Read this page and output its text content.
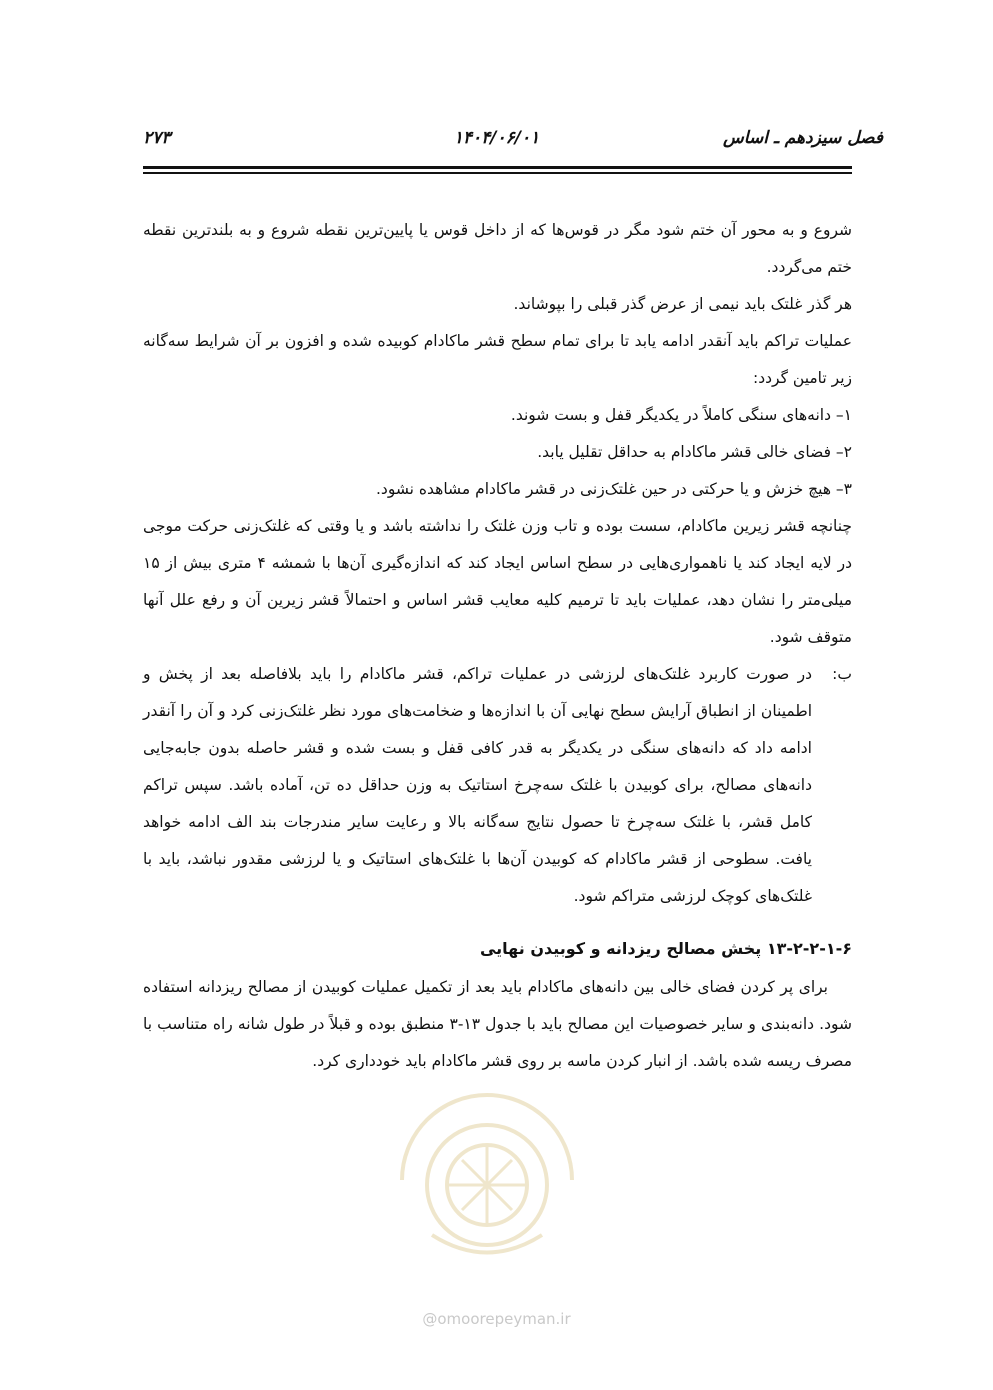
فصل سیزدهم ـ اساس
۱۴۰۴/۰۶/۰۱
۲۷۳

شروع و به محور آن ختم شود مگر در قوس‌ها که از داخل قوس یا پایین‌ترین نقطه شروع و به بلندترین نقطه ختم می‌گردد.

هر گذر غلتک باید نیمی از عرض گذر قبلی را بپوشاند.

عملیات تراکم باید آنقدر ادامه یابد تا برای تمام سطح قشر ماکادام کوبیده شده و افزون بر آن شرایط سه‌گانه زیر تامین گردد:

۱– دانه‌های سنگی کاملاً در یکدیگر قفل و بست شوند.

۲– فضای خالی قشر ماکادام به حداقل تقلیل یابد.

۳– هیچ خزش و یا حرکتی در حین غلتک‌زنی در قشر ماکادام مشاهده نشود.

چنانچه قشر زیرین ماکادام، سست بوده و تاب وزن غلتک را نداشته باشد و یا وقتی که غلتک‌زنی حرکت موجی در لایه ایجاد کند یا ناهمواری‌هایی در سطح اساس ایجاد کند که اندازه‌گیری آن‌ها با شمشه ۴ متری بیش از ۱۵ میلی‌متر را نشان دهد، عملیات باید تا ترمیم کلیه معایب قشر اساس و احتمالاً قشر زیرین آن و رفع علل آنها متوقف شود.

ب:

در صورت کاربرد غلتک‌های لرزشی در عملیات تراکم، قشر ماکادام را باید بلافاصله بعد از پخش و اطمینان از انطباق آرایش سطح نهایی آن با اندازه‌ها و ضخامت‌های مورد نظر غلتک‌زنی کرد و آن را آنقدر ادامه داد که دانه‌های سنگی در یکدیگر به قدر کافی قفل و بست شده و قشر حاصله بدون جابه‌جایی دانه‌های مصالح، برای کوبیدن با غلتک سه‌چرخ استاتیک به وزن حداقل ده تن، آماده باشد. سپس تراکم کامل قشر، با غلتک سه‌چرخ تا حصول نتایج سه‌گانه بالا و رعایت سایر مندرجات بند الف ادامه خواهد یافت. سطوحی از قشر ماکادام که کوبیدن آن‌ها با غلتک‌های استاتیک و یا لرزشی مقدور نباشد، باید با غلتک‌های کوچک لرزشی متراکم شود.

۱۳-۲-۲-۱-۶ پخش مصالح ریزدانه و کوبیدن نهایی

برای پر کردن فضای خالی بین دانه‌های ماکادام باید بعد از تکمیل عملیات کوبیدن از مصالح ریزدانه استفاده شود. دانه‌بندی و سایر خصوصیات این مصالح باید با جدول ۱۳-۳ منطبق بوده و قبلاً در طول شانه راه متناسب با مصرف ریسه شده باشد. از انبار کردن ماسه بر روی قشر ماکادام باید خودداری کرد.

@omoorepeyman.ir
